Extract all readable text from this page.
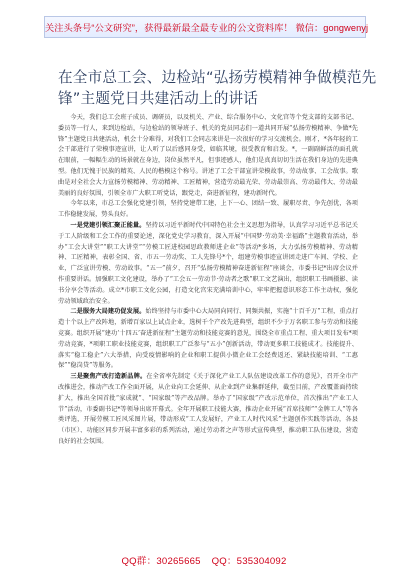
关注头条号“公文研究”，获得最新最全最专业的公文资料库！ 微信：gongwenyj
在全市总工会、边检站“弘扬劳模精神争做模范先
锋”主题党日共建活动上的讲话

今天，我们总工会班子成员、调研员，以及机关、产业、综合服务中心、文化宫等个党支部的支部书记、委员等一行人，来到边检站，与边检站的领导班子、机关的党员同志们一道共同开展“弘扬劳模精神、争做*先锋”主题党日共建活动，机会十分难得，对我们工会同志来讲是一次很好的学习交流机会。刚才，*各年轻的工会干部进行了荣模事迹宣讲，让人听了以后感同身受，如临其境，很受教育和启发。*，一副副鲜活的面孔就在眼前，一幅幅生动的场景就在身边，岗位虽然平凡，但事迹感人，他们是真真切切生活在我们身边的先进典型。他们无愧于民族的精英、人民的楷模这个称号。讲述了工会干部宣讲荣模故事，劳动故事、工会故事。歌曲是对全社会大力宣扬劳模精神、劳动精神、工匠精神，营造劳动最光荣、劳动最崇高、劳动最伟大、劳动最美丽的良好氛围，引领全市广大职工听党话，跟党走，奋进新征程，建功新时代。

今年以来，市总工会强化党建引领，坚持党建带工建，上下一心、团结一致、履职尽责、争先创优，各项工作稳健发展，势头良好。

一是党建引领汇聚正能量。坚持以习近平新时代中国特色社会主义思想为指导，认真学习习近平总书记关于工人阶级和工会工作的重要论述，深化党史学习教育，深入开展“中国梦·劳动美·幸福路”主题教育活动，举办“工会大讲堂”“职工大讲堂”“劳模工匠进校园思政教师进企业”等活动*多场，大力弘扬劳模精神、劳动精神、工匠精神，表彰全国、省、市五一劳动奖、工人先锋号*个，组建劳模事迹宣讲团走进广车间、学校、企业，广泛宣讲劳模、劳动故事。“五一”前夕，召开“弘扬劳模精神奋进新征程”座谈会，市委书记*出席会议并作重要讲话。加强职工文化建设，举办了“工会五一劳动节·劳动者之歌”职工文艺演出，组织职工书画摄影、读书分享会等活动。成立*市职工文化公园，打造文化宫宋充满培训中心，牢牢把握意识形态工作主动权，强化劳动领域政治安全。

二是服务大局建功促发展。始终坚持与市委中心大局同向同行、同频共振，实施“十百千万”工程，重点打造十个以上产改阵地，新增百家以上试点企业，选树千个产改先进典型，组织不少于万名职工参与劳动和技能竞赛。组织开展“建功‘十四五’奋进新征程”主题劳动和技能竞赛的意见，围绕全市重点工程、重大项目发布*项劳动竞赛，*项职工职业技能竞赛，组织职工广泛参与“五小”创新活动，带动更多职工技能成才。技能提升、落实“稳工稳企”六大举措，向受疫情影响的企业和职工提供小微企业工会经费返还、紧缺技能培训、“工惠保”“稳岗贷”等服务。

三是聚焦产改打造新品牌。在全省率先制定《关于深化产业工人队伍建设改革工作的意见》，召开全市产改推进会，推动产改工作全面开展，从企业向工会延伸、从企业到产业集群延伸，截至目前，产改覆盖面持续扩大，推出全国首批“家成就”、“国家级”等产改品牌。举办了“国家级”产改示范单位，首次推出“产业工人节”活动，市委副书记*等领导出席开幕式。全年开展职工技能大赛，推动企业开展“首席技师”“金牌工人”等各类评选，开展劳模工匠风采图片展，带动形成“工人发展好，产业工人时代风采”主题创作实践等活动，各县（市区）、功能区同步开展丰富多彩的系列活动，通过劳动者之声等形式宣传典型，推动职工队伍建设，营造良好的社会氛围。

QQ群：30265665 QQ：535304092
